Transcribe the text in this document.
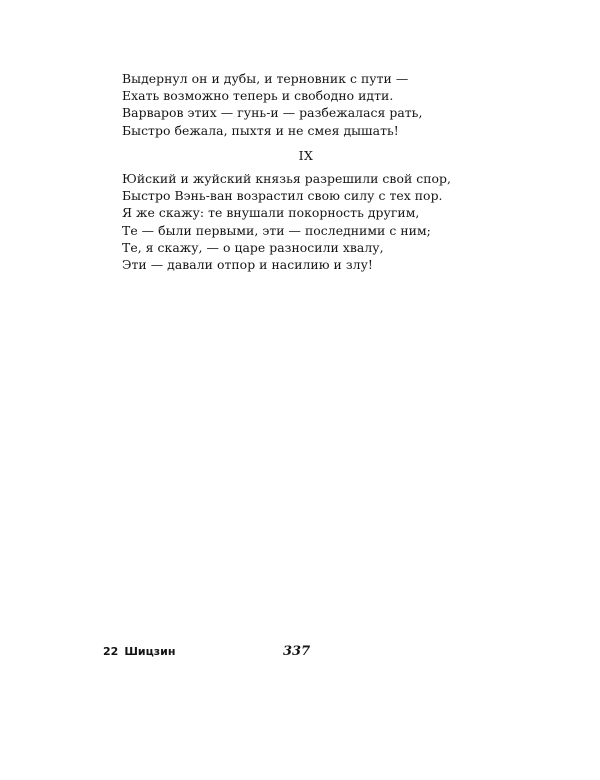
Выдернул он и дубы, и терновник с пути —
Ехать возможно теперь и свободно идти.
Варваров этих — гунь-и — разбежалася рать,
Быстро бежала, пыхтя и не смея дышать!
IX
Юйский и жуйский князья разрешили свой спор,
Быстро Вэнь-ван возрастил свою силу с тех пор.
Я же скажу: те внушали покорность другим,
Те — были первыми, эти — последними с ним;
Те, я скажу, — о царе разносили хвалу,
Эти — давали отпор и насилию и злу!
22 Шицзин	337
